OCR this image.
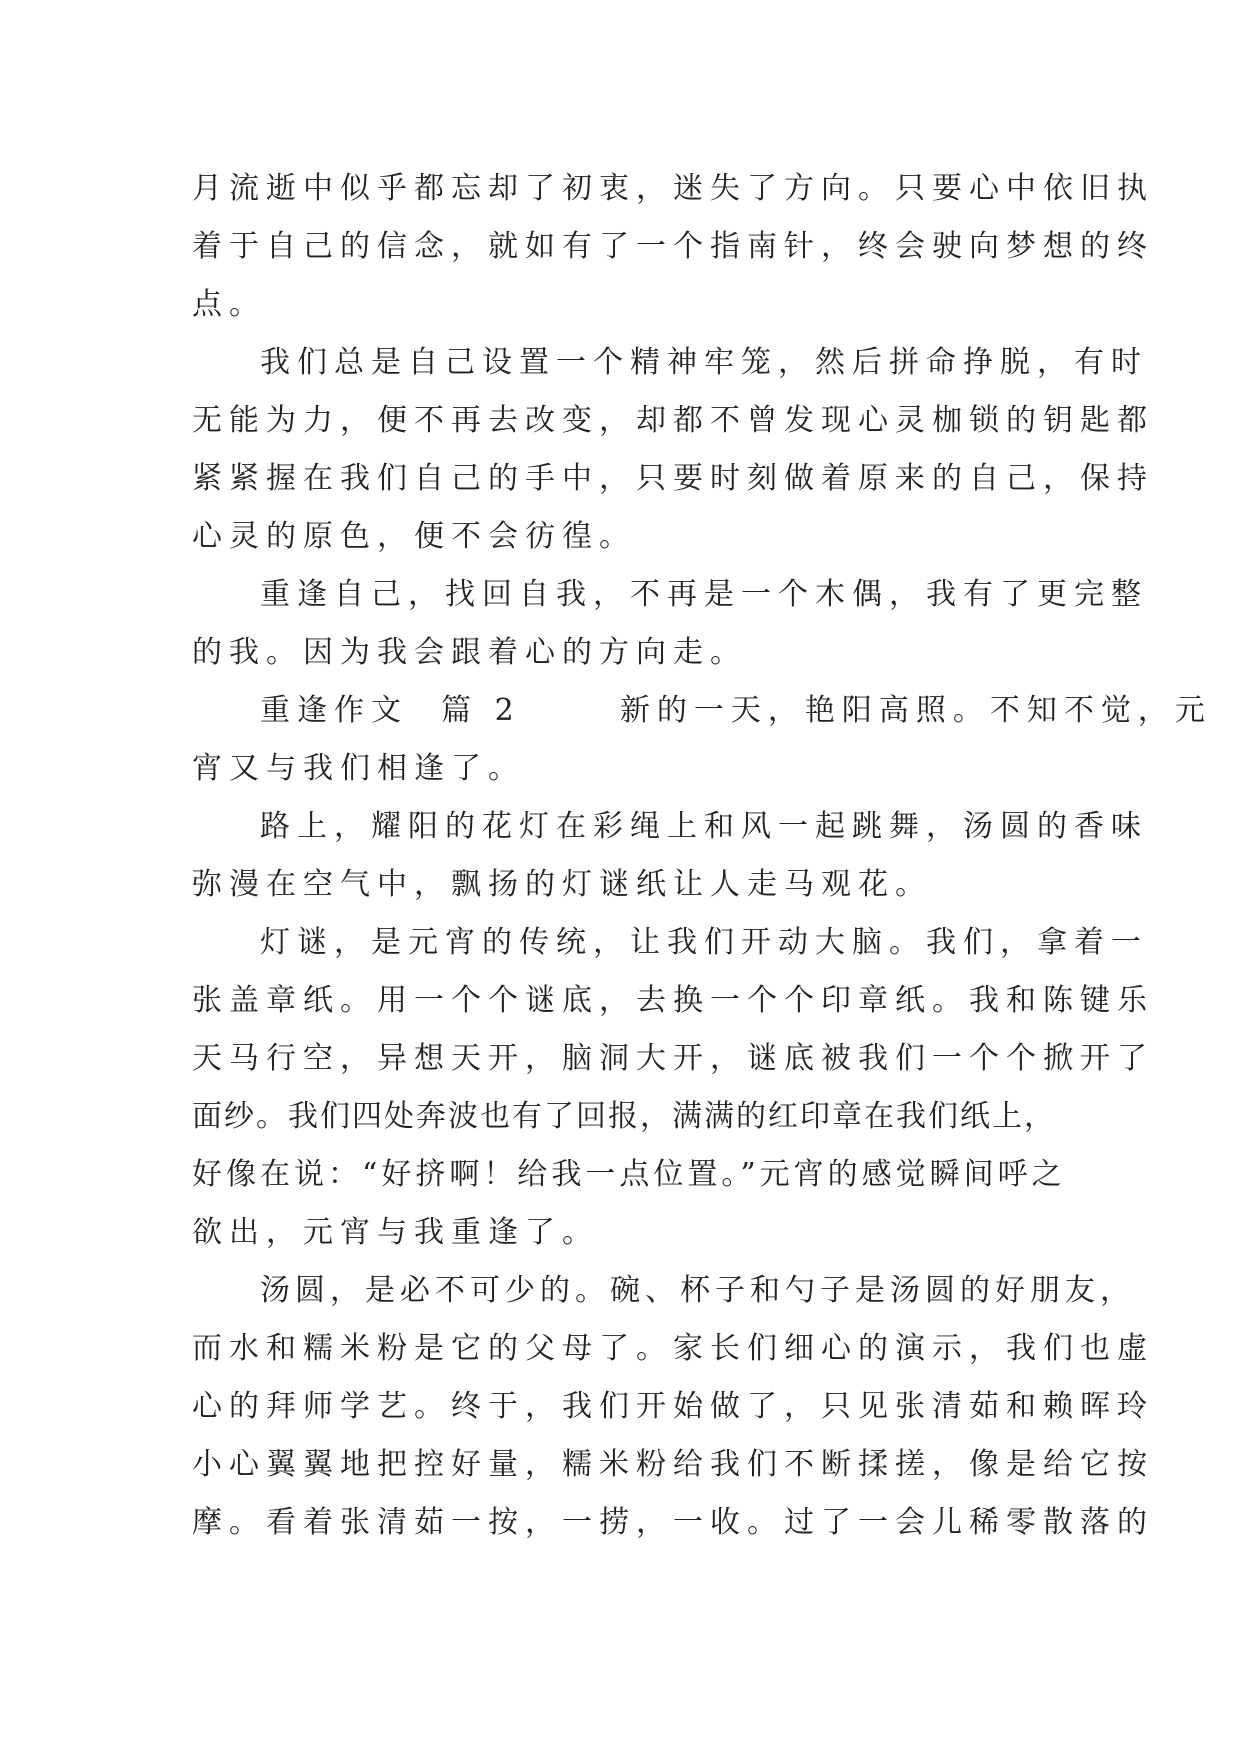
月流逝中似乎都忘却了初衷，迷失了方向。只要心中依旧执
着于自己的信念，就如有了一个指南针，终会驶向梦想的终
点。

我们总是自己设置一个精神牢笼，然后拼命挣脱，有时
无能为力，便不再去改变，却都不曾发现心灵枷锁的钥匙都
紧紧握在我们自己的手中，只要时刻做着原来的自己，保持
心灵的原色，便不会彷徨。

重逢自己，找回自我，不再是一个木偶，我有了更完整
的我。因为我会跟着心的方向走。

重逢作文  篇 2      新的一天，艳阳高照。不知不觉，元
宵又与我们相逢了。

路上，耀阳的花灯在彩绳上和风一起跳舞，汤圆的香味
弥漫在空气中，飘扬的灯谜纸让人走马观花。

灯谜，是元宵的传统，让我们开动大脑。我们，拿着一
张盖章纸。用一个个谜底，去换一个个印章纸。我和陈键乐
天马行空，异想天开，脑洞大开，谜底被我们一个个掀开了
面纱。我们四处奔波也有了回报，满满的红印章在我们纸上，
好像在说：“好挤啊！给我一点位置。”元宵的感觉瞬间呼之
欲出，元宵与我重逢了。

汤圆，是必不可少的。碗、杯子和勺子是汤圆的好朋友，
而水和糯米粉是它的父母了。家长们细心的演示，我们也虚
心的拜师学艺。终于，我们开始做了，只见张清茹和赖晖玲
小心翼翼地把控好量，糯米粉给我们不断揉搓，像是给它按
摩。看着张清茹一按，一捞，一收。过了一会儿稀零散落的
